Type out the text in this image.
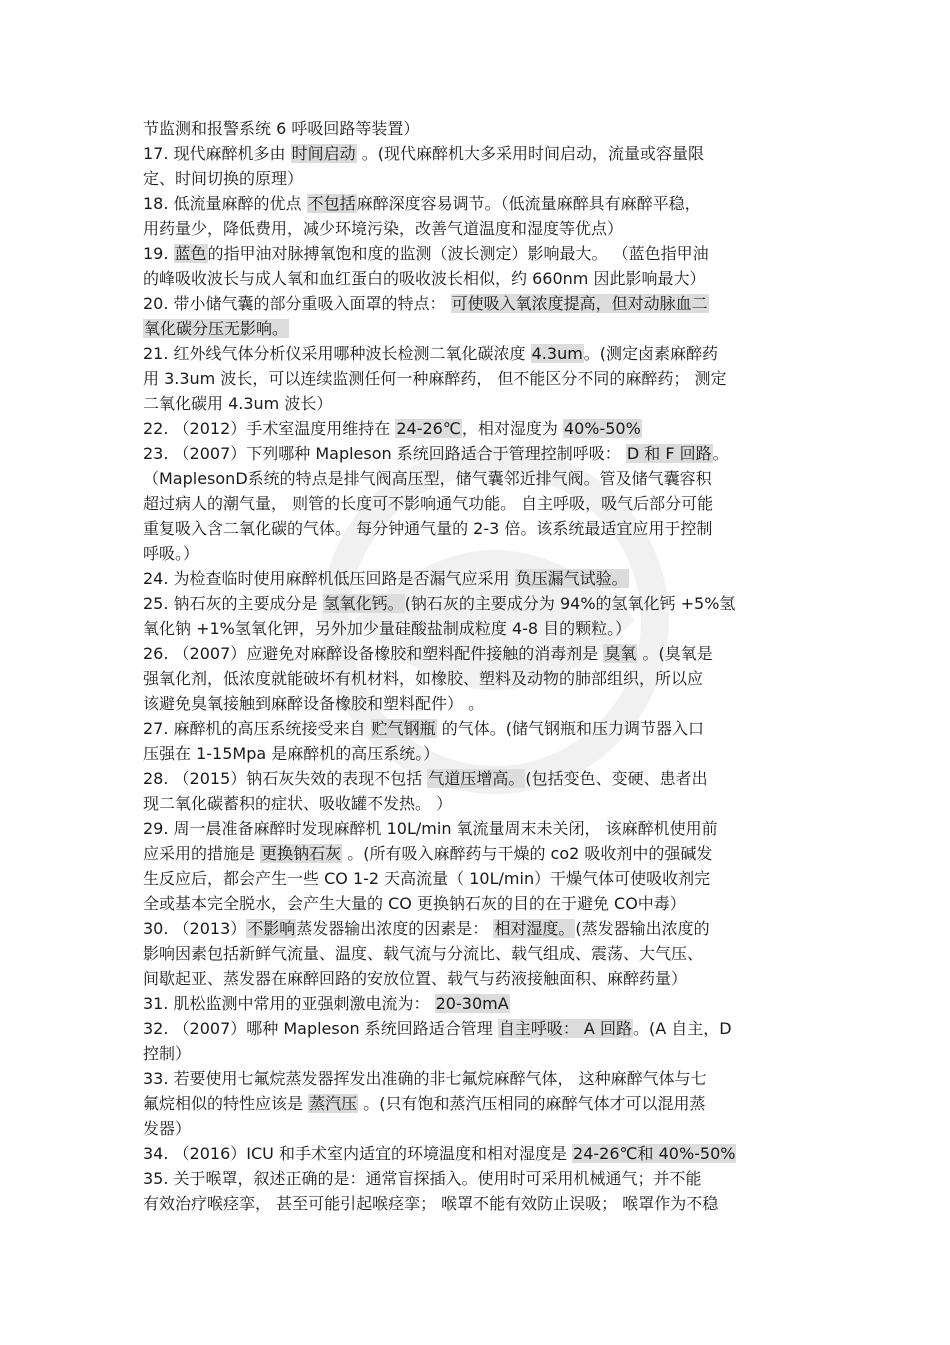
节监测和报警系统 6 呼吸回路等装置）
17. 现代麻醉机多由 时间启动 。(现代麻醉机大多采用时间启动，流量或容量限
定、时间切换的原理）
18. 低流量麻醉的优点 不包括麻醉深度容易调节。（低流量麻醉具有麻醉平稳，
用药量少，降低费用，减少环境污染，改善气道温度和湿度等优点）
19. 蓝色的指甲油对脉搏氧饱和度的监测（波长测定）影响最大。 （蓝色指甲油
的峰吸收波长与成人氧和血红蛋白的吸收波长相似，约 660nm 因此影响最大）
20. 带小储气囊的部分重吸入面罩的特点： 可使吸入氧浓度提高，但对动脉血二
氧化碳分压无影响。
21. 红外线气体分析仪采用哪种波长检测二氧化碳浓度 4.3um。(测定卤素麻醉药
用 3.3um 波长，可以连续监测任何一种麻醉药， 但不能区分不同的麻醉药； 测定
二氧化碳用 4.3um 波长）
22. （2012）手术室温度用维持在 24-26℃，相对湿度为 40%-50%
23. （2007）下列哪种 Mapleson 系统回路适合于管理控制呼吸： D 和 F 回路。
（MaplesonD系统的特点是排气阀高压型，储气囊邻近排气阀。管及储气囊容积
超过病人的潮气量， 则管的长度可不影响通气功能。 自主呼吸，吸气后部分可能
重复吸入含二氧化碳的气体。 每分钟通气量的 2-3 倍。该系统最适宜应用于控制
呼吸。）
24. 为检查临时使用麻醉机低压回路是否漏气应采用 负压漏气试验。
25. 钠石灰的主要成分是 氢氧化钙。(钠石灰的主要成分为 94%的氢氧化钙 +5%氢
氧化钠 +1%氢氧化钾，另外加少量硅酸盐制成粒度 4-8 目的颗粒。）
26. （2007）应避免对麻醉设备橡胶和塑料配件接触的消毒剂是 臭氧 。(臭氧是
强氧化剂，低浓度就能破坏有机材料，如橡胶、塑料及动物的肺部组织，所以应
该避免臭氧接触到麻醉设备橡胶和塑料配件） 。
27. 麻醉机的高压系统接受来自 贮气钢瓶 的气体。(储气钢瓶和压力调节器入口
压强在 1-15Mpa 是麻醉机的高压系统。）
28. （2015）钠石灰失效的表现不包括 气道压增高。(包括变色、变硬、患者出
现二氧化碳蓄积的症状、吸收罐不发热。 ）
29. 周一晨准备麻醉时发现麻醉机 10L/min 氧流量周末未关闭， 该麻醉机使用前
应采用的措施是 更换钠石灰 。(所有吸入麻醉药与干燥的 co2 吸收剂中的强碱发
生反应后，都会产生一些 CO 1-2 天高流量（ 10L/min）干燥气体可使吸收剂完
全或基本完全脱水，会产生大量的 CO 更换钠石灰的目的在于避免 CO中毒）
30. （2013）不影响蒸发器输出浓度的因素是： 相对湿度。(蒸发器输出浓度的
影响因素包括新鲜气流量、温度、载气流与分流比、载气组成、震荡、大气压、
间歇起亚、蒸发器在麻醉回路的安放位置、载气与药液接触面积、麻醉药量）
31. 肌松监测中常用的亚强刺激电流为： 20-30mA
32. （2007）哪种 Mapleson 系统回路适合管理 自主呼吸： A 回路。(A 自主，D
控制）
33. 若要使用七氟烷蒸发器挥发出准确的非七氟烷麻醉气体， 这种麻醉气体与七
氟烷相似的特性应该是 蒸汽压 。(只有饱和蒸汽压相同的麻醉气体才可以混用蒸
发器）
34. （2016）ICU 和手术室内适宜的环境温度和相对湿度是 24-26℃和 40%-50%
35. 关于喉罩，叙述正确的是：通常盲探插入。使用时可采用机械通气；并不能
有效治疗喉痉挛， 甚至可能引起喉痉挛； 喉罩不能有效防止误吸； 喉罩作为不稳
